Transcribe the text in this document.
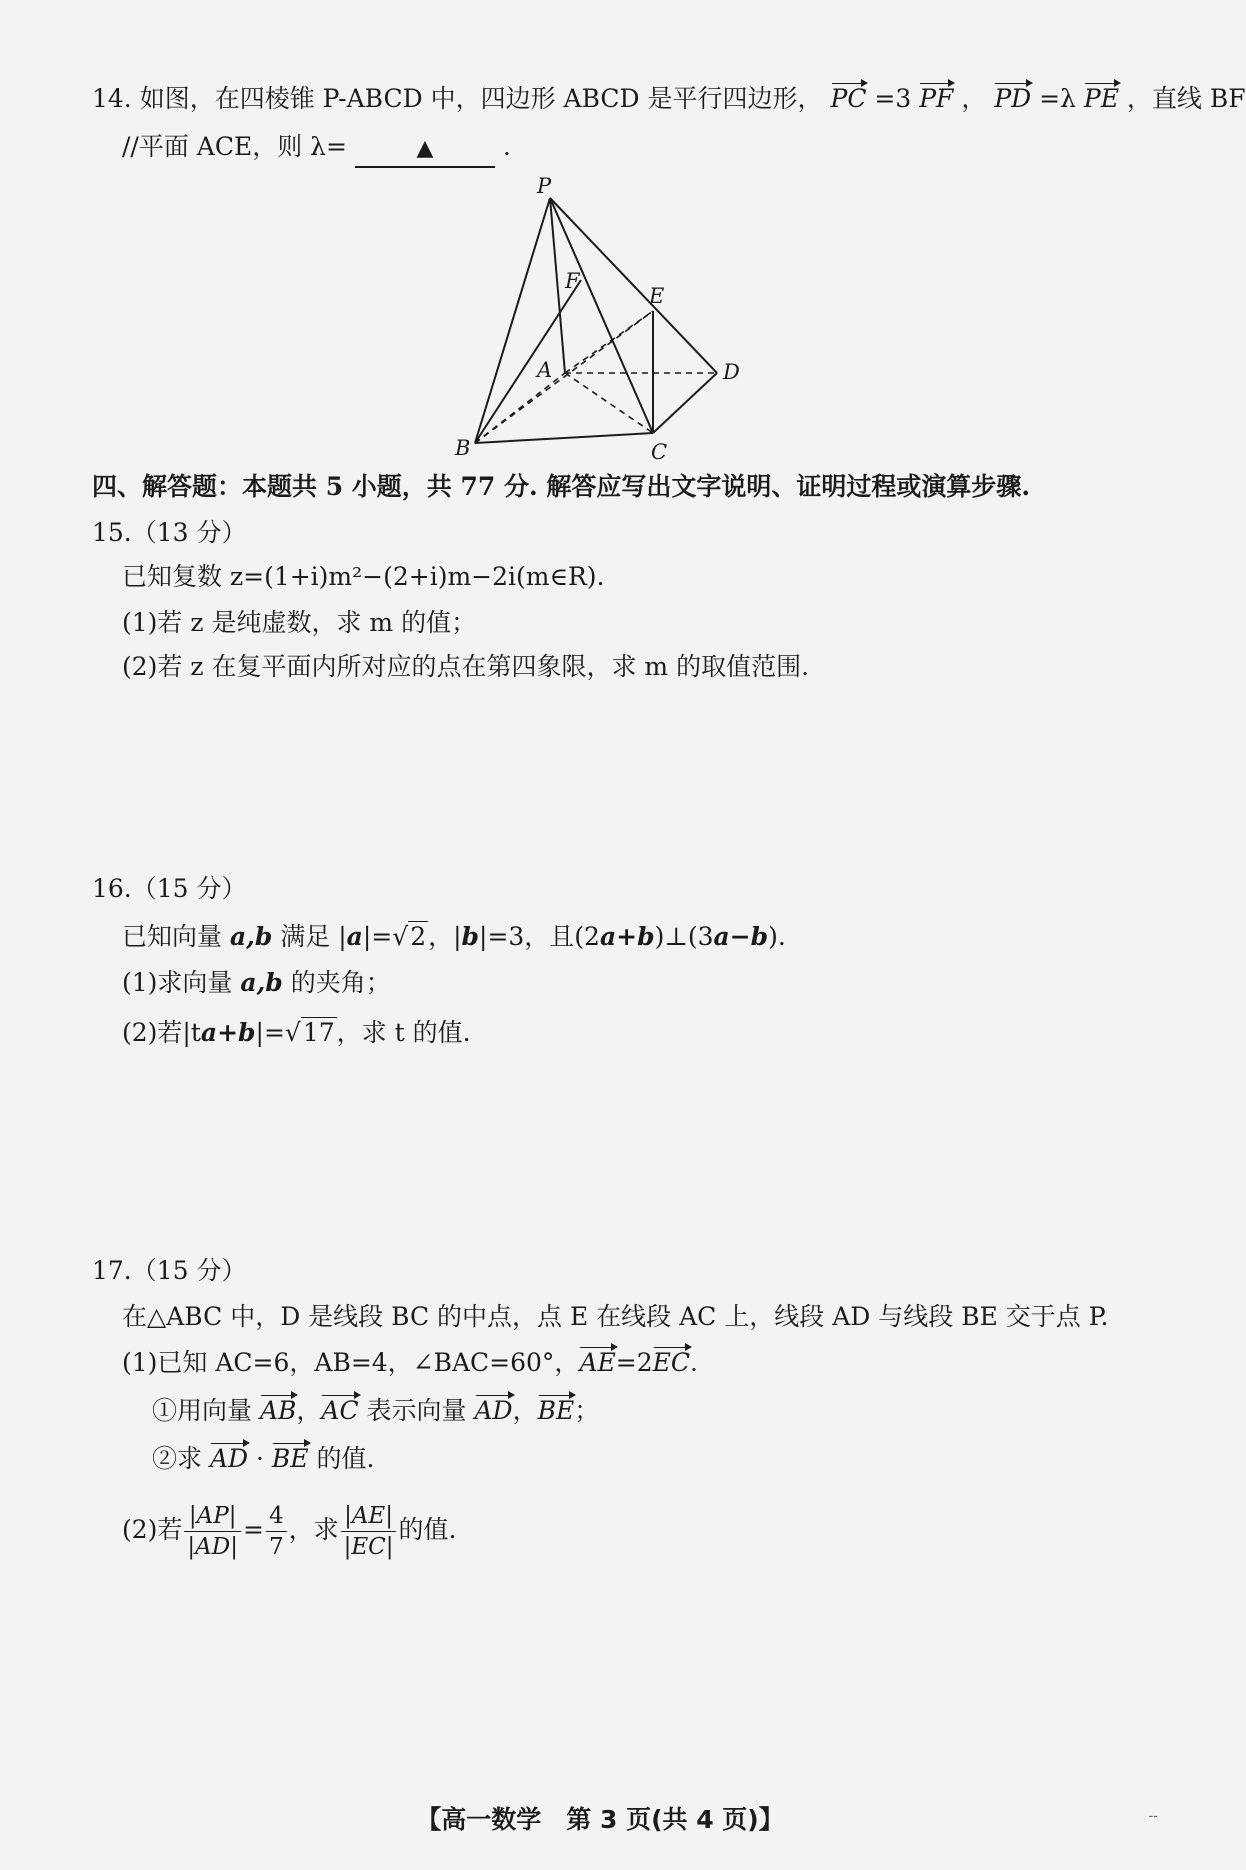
14. 如图，在四棱锥 P-ABCD 中，四边形 ABCD 是平行四边形， PC =3 PF ， PD =λ PE ，直线 BF
//平面 ACE，则 λ=	▲	.
P
F
E
A	D
B	C
四、解答题：本题共 5 小题，共 77 分. 解答应写出文字说明、证明过程或演算步骤.
15.（13 分）
已知复数 z=(1+i)m²−(2+i)m−2i(m∈R).
(1)若 z 是纯虚数，求 m 的值；
(2)若 z 在复平面内所对应的点在第四象限，求 m 的取值范围.
16.（15 分）
已知向量 a,b 满足 |a|=√2，|b|=3，且(2a+b)⊥(3a−b).
(1)求向量 a,b 的夹角；
(2)若|ta+b|=√17，求 t 的值.
17.（15 分）
在△ABC 中，D 是线段 BC 的中点，点 E 在线段 AC 上，线段 AD 与线段 BE 交于点 P.
(1)已知 AC=6，AB=4，∠BAC=60°，AE=2EC.
①用向量 AB，AC 表示向量 AD，BE；
②求 AD · BE 的值.
(2)若 $\frac{|AP|}{|AD|} = \frac{4}{7}$ ，求 $\frac{|AE|}{|EC|}$ 的值.
【高一数学　第 3 页(共 4 页)】	--
